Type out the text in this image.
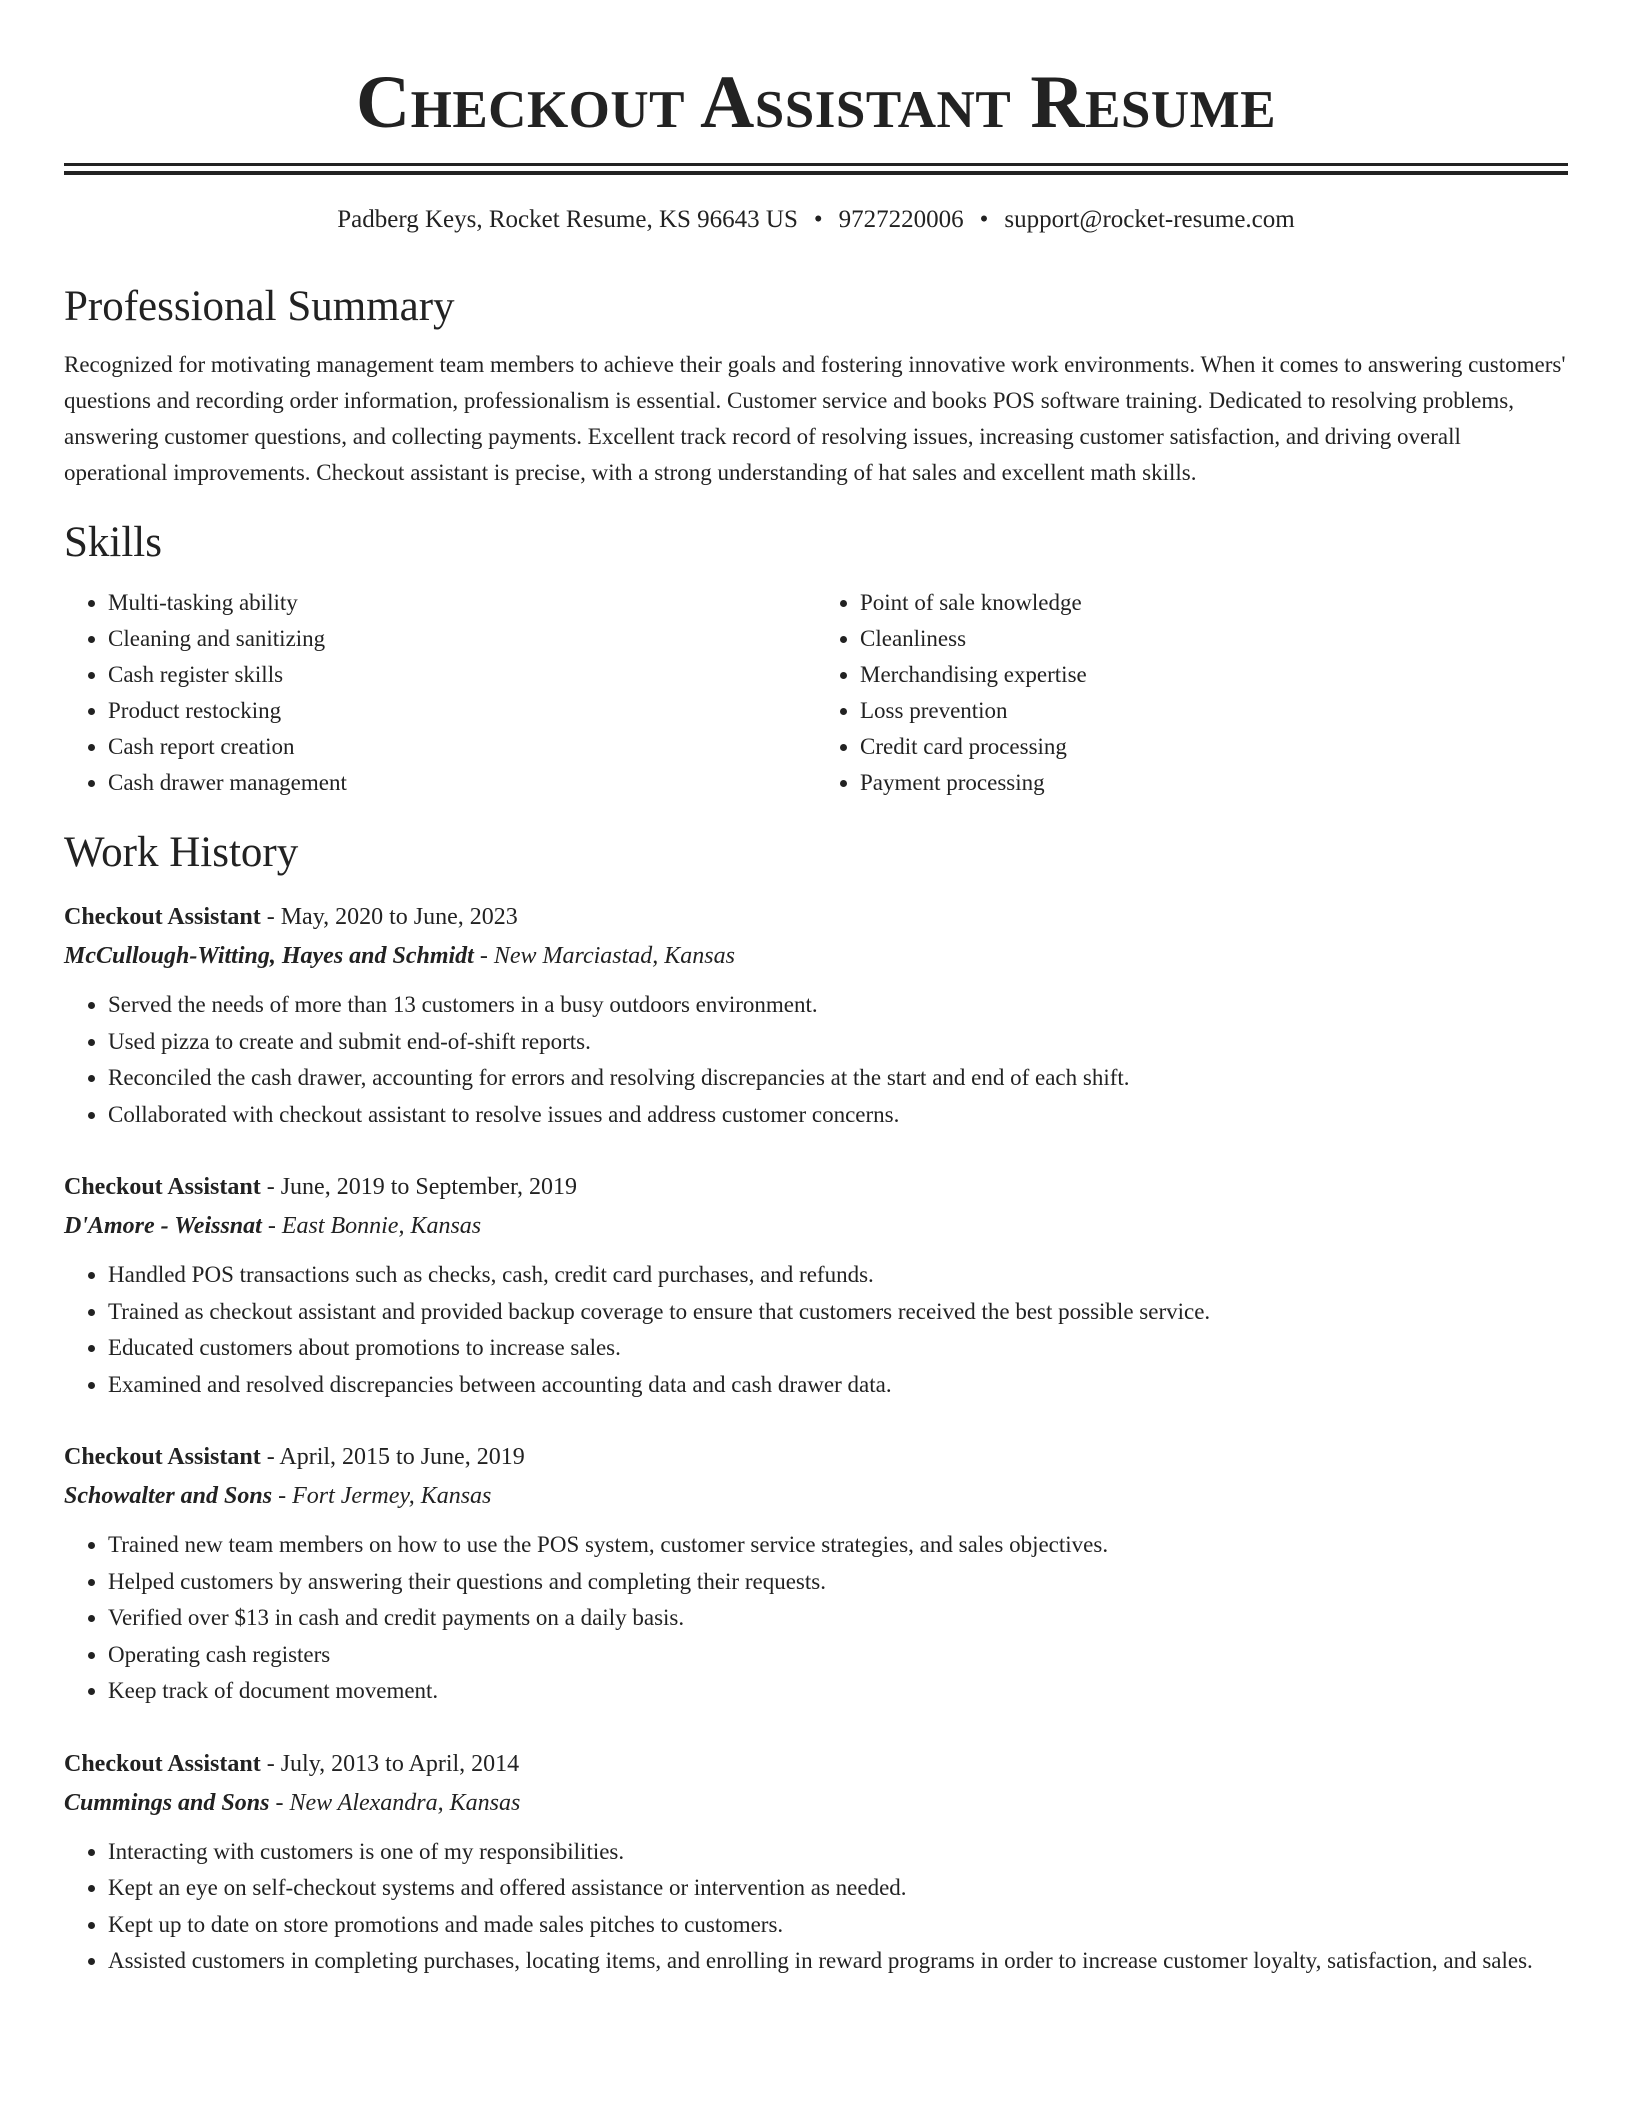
Checkout Assistant Resume
Padberg Keys, Rocket Resume, KS 96643 US • 9727220006 • support@rocket-resume.com
Professional Summary

Recognized for motivating management team members to achieve their goals and fostering innovative work environments. When it comes to answering customers' questions and recording order information, professionalism is essential. Customer service and books POS software training. Dedicated to resolving problems, answering customer questions, and collecting payments. Excellent track record of resolving issues, increasing customer satisfaction, and driving overall operational improvements. Checkout assistant is precise, with a strong understanding of hat sales and excellent math skills.

Skills
• Multi-tasking ability
• Cleaning and sanitizing
• Cash register skills
• Product restocking
• Cash report creation
• Cash drawer management
• Point of sale knowledge
• Cleanliness
• Merchandising expertise
• Loss prevention
• Credit card processing
• Payment processing
Work History
Checkout Assistant - May, 2020 to June, 2023
McCullough-Witting, Hayes and Schmidt - New Marciastad, Kansas
• Served the needs of more than 13 customers in a busy outdoors environment.
• Used pizza to create and submit end-of-shift reports.
• Reconciled the cash drawer, accounting for errors and resolving discrepancies at the start and end of each shift.
• Collaborated with checkout assistant to resolve issues and address customer concerns.
Checkout Assistant - June, 2019 to September, 2019
D'Amore - Weissnat - East Bonnie, Kansas
• Handled POS transactions such as checks, cash, credit card purchases, and refunds.
• Trained as checkout assistant and provided backup coverage to ensure that customers received the best possible service.
• Educated customers about promotions to increase sales.
• Examined and resolved discrepancies between accounting data and cash drawer data.
Checkout Assistant - April, 2015 to June, 2019
Schowalter and Sons - Fort Jermey, Kansas
• Trained new team members on how to use the POS system, customer service strategies, and sales objectives.
• Helped customers by answering their questions and completing their requests.
• Verified over $13 in cash and credit payments on a daily basis.
• Operating cash registers
• Keep track of document movement.
Checkout Assistant - July, 2013 to April, 2014
Cummings and Sons - New Alexandra, Kansas
• Interacting with customers is one of my responsibilities.
• Kept an eye on self-checkout systems and offered assistance or intervention as needed.
• Kept up to date on store promotions and made sales pitches to customers.
• Assisted customers in completing purchases, locating items, and enrolling in reward programs in order to increase customer loyalty, satisfaction, and sales.
